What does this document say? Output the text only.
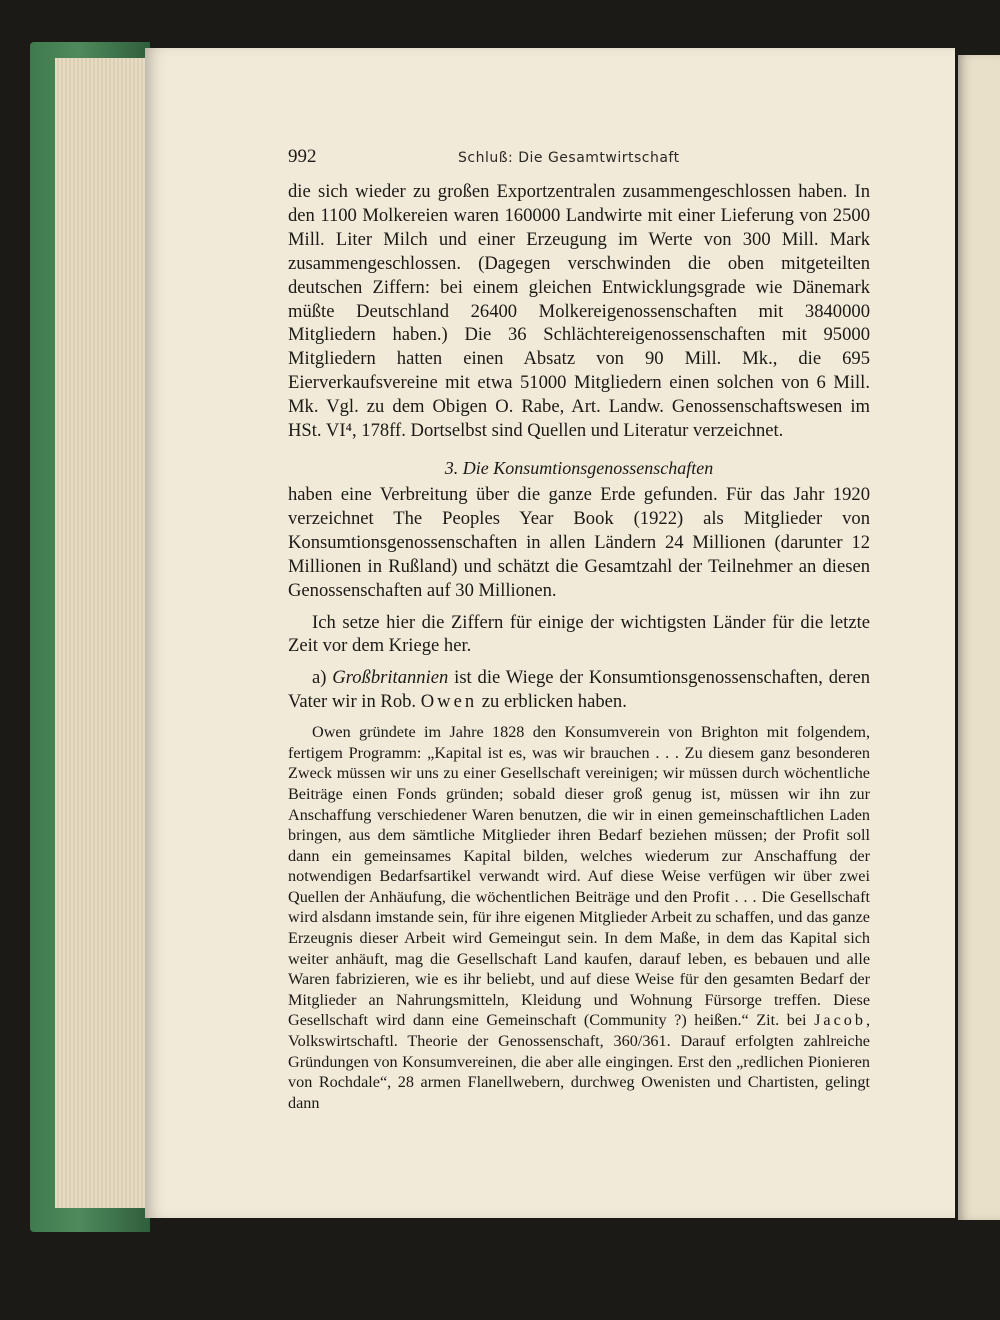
992	Schluß: Die Gesamtwirtschaft

die sich wieder zu großen Exportzentralen zusammengeschlossen haben. In den 1100 Molkereien waren 160000 Landwirte mit einer Lieferung von 2500 Mill. Liter Milch und einer Erzeugung im Werte von 300 Mill. Mark zusammengeschlossen. (Dagegen verschwinden die oben mitgeteilten deutschen Ziffern: bei einem gleichen Entwicklungsgrade wie Dänemark müßte Deutschland 26400 Molkereigenossenschaften mit 3840000 Mitgliedern haben.) Die 36 Schlächtereigenossenschaften mit 95000 Mitgliedern hatten einen Absatz von 90 Mill. Mk., die 695 Eierverkaufsvereine mit etwa 51000 Mitgliedern einen solchen von 6 Mill. Mk. Vgl. zu dem Obigen O. Rabe, Art. Landw. Genossenschaftswesen im HSt. VI⁴, 178ff. Dortselbst sind Quellen und Literatur verzeichnet.

3. Die Konsumtionsgenossenschaften

haben eine Verbreitung über die ganze Erde gefunden. Für das Jahr 1920 verzeichnet The Peoples Year Book (1922) als Mitglieder von Konsumtionsgenossenschaften in allen Ländern 24 Millionen (darunter 12 Millionen in Rußland) und schätzt die Gesamtzahl der Teilnehmer an diesen Genossenschaften auf 30 Millionen.

Ich setze hier die Ziffern für einige der wichtigsten Länder für die letzte Zeit vor dem Kriege her.

a) Großbritannien ist die Wiege der Konsumtionsgenossenschaften, deren Vater wir in Rob. Owen zu erblicken haben.

Owen gründete im Jahre 1828 den Konsumverein von Brighton mit folgendem, fertigem Programm: „Kapital ist es, was wir brauchen . . . Zu diesem ganz besonderen Zweck müssen wir uns zu einer Gesellschaft vereinigen; wir müssen durch wöchentliche Beiträge einen Fonds gründen; sobald dieser groß genug ist, müssen wir ihn zur Anschaffung verschiedener Waren benutzen, die wir in einen gemeinschaftlichen Laden bringen, aus dem sämtliche Mitglieder ihren Bedarf beziehen müssen; der Profit soll dann ein gemeinsames Kapital bilden, welches wiederum zur Anschaffung der notwendigen Bedarfsartikel verwandt wird. Auf diese Weise verfügen wir über zwei Quellen der Anhäufung, die wöchentlichen Beiträge und den Profit . . . Die Gesellschaft wird alsdann imstande sein, für ihre eigenen Mitglieder Arbeit zu schaffen, und das ganze Erzeugnis dieser Arbeit wird Gemeingut sein. In dem Maße, in dem das Kapital sich weiter anhäuft, mag die Gesellschaft Land kaufen, darauf leben, es bebauen und alle Waren fabrizieren, wie es ihr beliebt, und auf diese Weise für den gesamten Bedarf der Mitglieder an Nahrungsmitteln, Kleidung und Wohnung Fürsorge treffen. Diese Gesellschaft wird dann eine Gemeinschaft (Community ?) heißen.“ Zit. bei Jacob, Volkswirtschaftl. Theorie der Genossenschaft, 360/361. Darauf erfolgten zahlreiche Gründungen von Konsumvereinen, die aber alle eingingen. Erst den „redlichen Pionieren von Rochdale“, 28 armen Flanellwebern, durchweg Owenisten und Chartisten, gelingt dann
